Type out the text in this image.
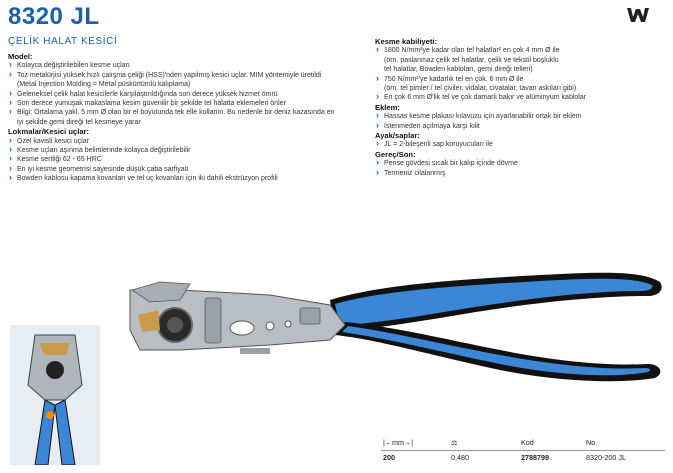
8320 JL
ÇELİK HALAT KESİCİ
Model:
› Kolayca değiştirilebilen kesme uçları
› Toz metalürjisi yüksek hızlı çalışma çeliği (HSS)'nden yapılmış kesici uçlar. MIM yöntemiyle üretildi
(Metal Injection Molding = Metal püskürtümlü kalıplama)
› Geleneksel çelik halat kesicilerle karşılaştırıldığında son derece yüksek hizmet ömrü
› Son derece yumuşak makaslama kesim güvenilir bir şekilde tel halatta eklemeleri önler
› Bilgi: Ortalama yakl. 5 mm Ø olan bir el boyutunda tek elle kullanın. Bu nedenle bir deniz kazasında en
iyi şekilde gemi direği tel kesmeye yarar
Lokmalar/Kesici uçlar:
› Özel kavisli kesici uçlar
› Kesme uçları aşınma belirtilerinde kolayca değiştirilebilir
› Kesme sertliği 62 - 65 HRC
› En iyi kesme geometrisi sayesinde düşük çaba sarfiyatı
› Bowden kablosu kapama kovanları ve tel uç kovanları için iki dahili ekstrüzyon profili
Kesme kabiliyeti:
› 1800 N/mm²ye kadar olan tel halatlar² en çok 4 mm Ø ile
(örn. paslanmaz çelik tel halatlar, çelik ve tekstil boşluklu
tel halatlar, Bowden kabloları, gemi direği telleri)
› 750 N/mm²'ye kadarlık tel en çok. 6 mm Ø ile
(örn. tel pimler / tel çiviler, vidalar, cıvatalar, tavan askıları gibi)
› En çok 6 mm Ø'lik tel ve çok damarlı bakır ve alüminyum kablolar
Eklem:
› Hassas kesme plakası kılavuzu için ayarlanabilir ortak bir eklem
› İstenmeden açılmaya karşı kilit
Ayak/saplar:
› JL = 2-bileşenli sap koruyucuları ile
Gereç/Son:
› Pense gövdesi sıcak bir kalıp içinde dövme
› Termeniz cilalanmış
|←mm→|	⚖	Kod	No.
200	0,480	2788799	8320-200 JL
